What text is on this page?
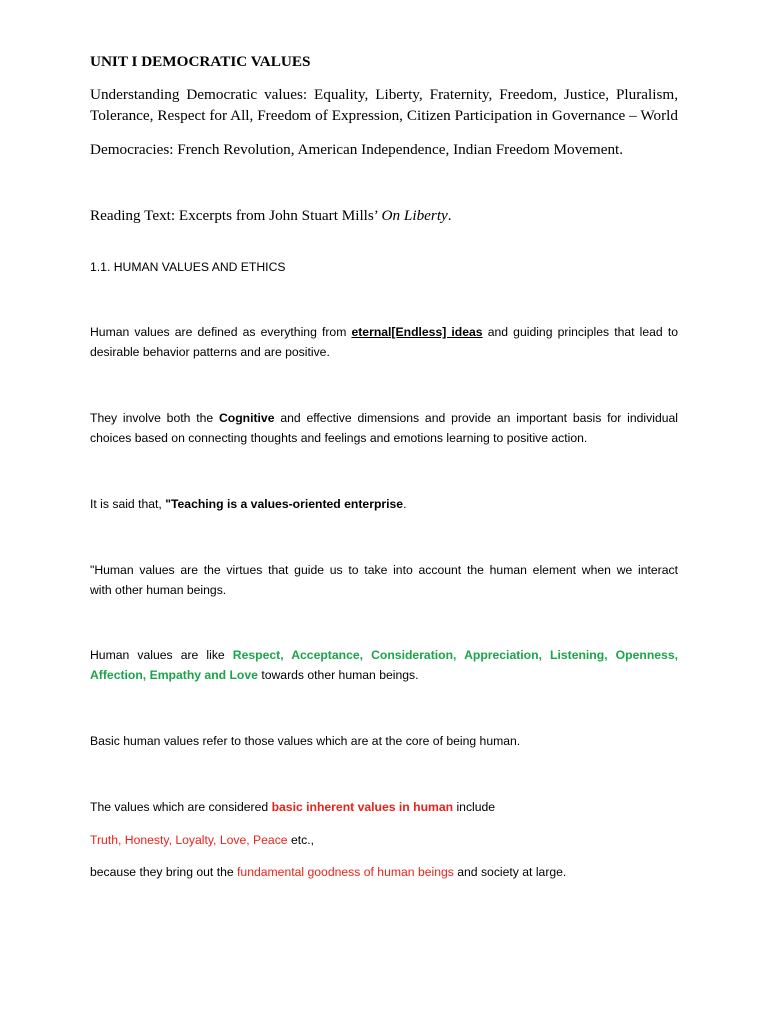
UNIT I DEMOCRATIC VALUES

Understanding Democratic values: Equality, Liberty, Fraternity, Freedom, Justice, Pluralism,

Tolerance, Respect for All, Freedom of Expression, Citizen Participation in Governance – World

Democracies: French Revolution, American Independence, Indian Freedom Movement.

Reading Text: Excerpts from John Stuart Mills’ On Liberty.

1.1. HUMAN VALUES AND ETHICS

Human values are defined as everything from eternal[Endless] ideas and guiding principles that lead to

desirable behavior patterns and are positive.

They involve both the Cognitive and effective dimensions and provide an important basis for individual

choices based on connecting thoughts and feelings and emotions learning to positive action.

It is said that, "Teaching is a values-oriented enterprise.

"Human values are the virtues that guide us to take into account the human element when we interact

with other human beings.

Human values are like Respect, Acceptance, Consideration, Appreciation, Listening, Openness,

Affection, Empathy and Love towards other human beings.

Basic human values refer to those values which are at the core of being human.

The values which are considered basic inherent values in human include

Truth, Honesty, Loyalty, Love, Peace etc.,

because they bring out the fundamental goodness of human beings and society at large.
